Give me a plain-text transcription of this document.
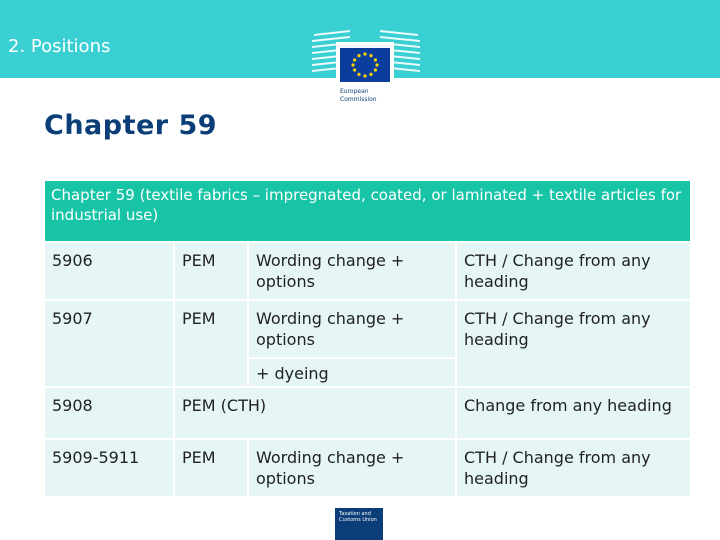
2. Positions
European
Commission
Chapter 59
Chapter 59 (textile fabrics – impregnated, coated, or laminated + textile articles for industrial use)			
5906	PEM	Wording change + options	CTH / Change from any heading
5907	PEM	Wording change + options	CTH / Change from any heading
		+ dyeing	
5908	PEM (CTH)		Change from any heading
5909-5911	PEM	Wording change + options	CTH / Change from any heading
Taxation and
Customs Union
